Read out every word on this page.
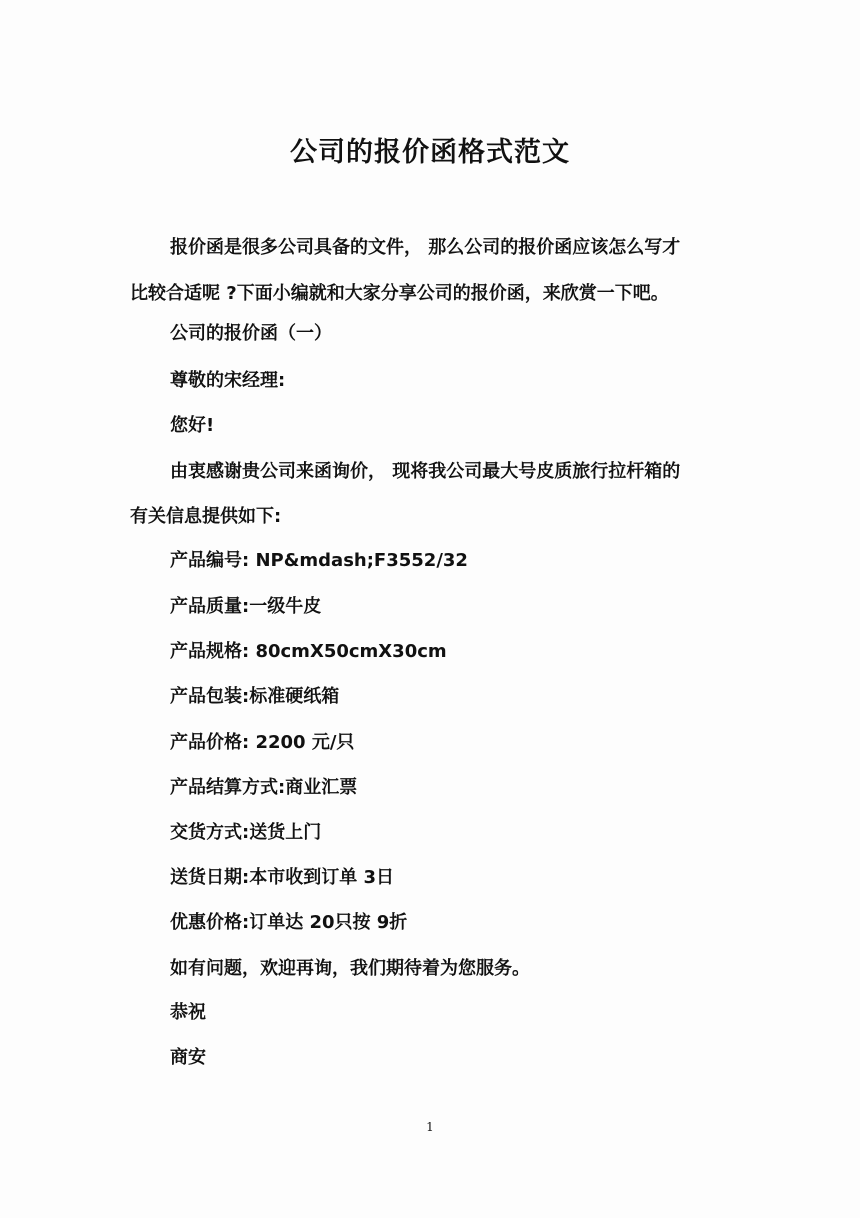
公司的报价函格式范文
报价函是很多公司具备的文件， 那么公司的报价函应该怎么写才
比较合适呢 ?下面小编就和大家分享公司的报价函，来欣赏一下吧。
公司的报价函（一）
尊敬的宋经理:
您好!
由衷感谢贵公司来函询价， 现将我公司最大号皮质旅行拉杆箱的
有关信息提供如下:
产品编号: NP&mdash;F3552/32
产品质量:一级牛皮
产品规格: 80cmX50cmX30cm
产品包装:标准硬纸箱
产品价格: 2200 元/只
产品结算方式:商业汇票
交货方式:送货上门
送货日期:本市收到订单 3日
优惠价格:订单达 20只按 9折
如有问题，欢迎再询，我们期待着为您服务。
恭祝
商安
1
